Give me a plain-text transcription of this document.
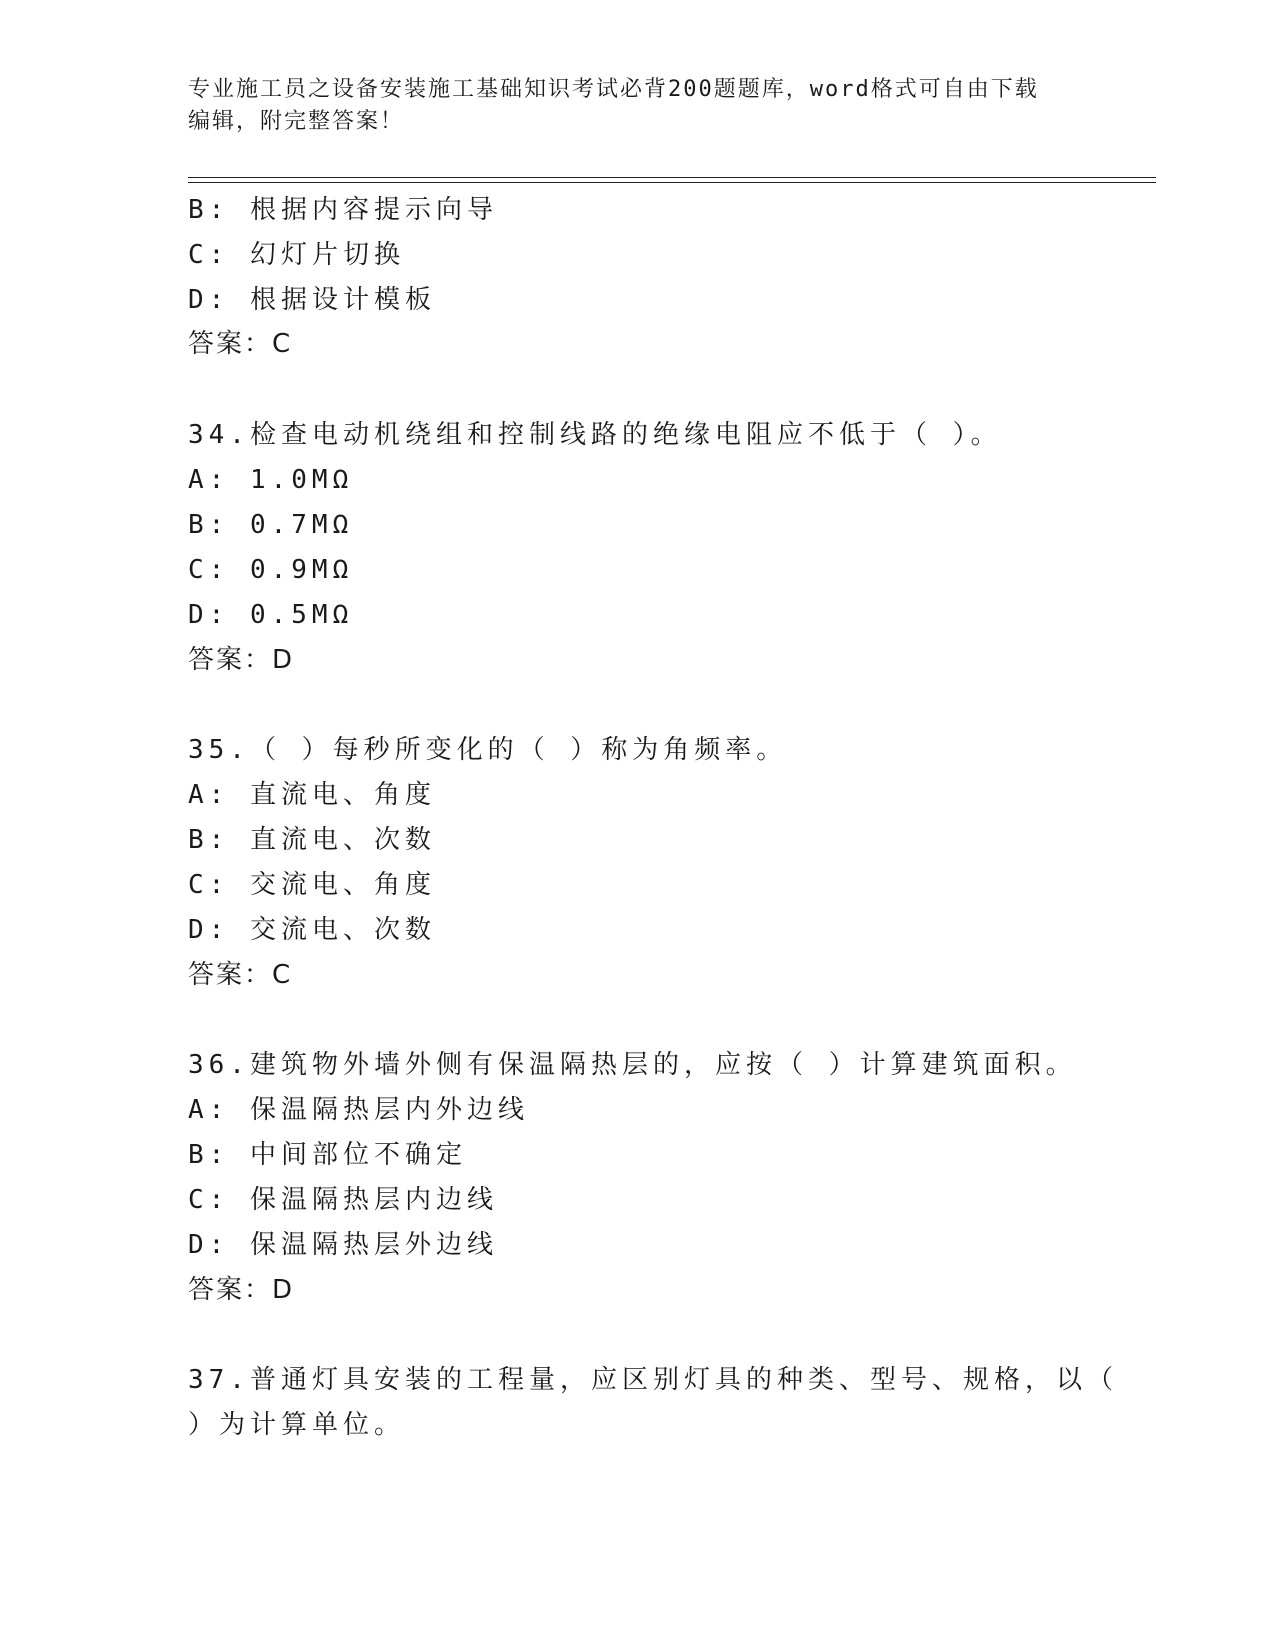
专业施工员之设备安装施工基础知识考试必背200题题库，word格式可自由下载
编辑，附完整答案！
B: 根据内容提示向导
C: 幻灯片切换
D: 根据设计模板
答案：C
34.检查电动机绕组和控制线路的绝缘电阻应不低于（ ）。
A: 1.0MΩ
B: 0.7MΩ
C: 0.9MΩ
D: 0.5MΩ
答案：D
35.（ ）每秒所变化的（ ）称为角频率。
A: 直流电、角度
B: 直流电、次数
C: 交流电、角度
D: 交流电、次数
答案：C
36.建筑物外墙外侧有保温隔热层的，应按（ ）计算建筑面积。
A: 保温隔热层内外边线
B: 中间部位不确定
C: 保温隔热层内边线
D: 保温隔热层外边线
答案：D
37.普通灯具安装的工程量，应区别灯具的种类、型号、规格，以（
）为计算单位。
